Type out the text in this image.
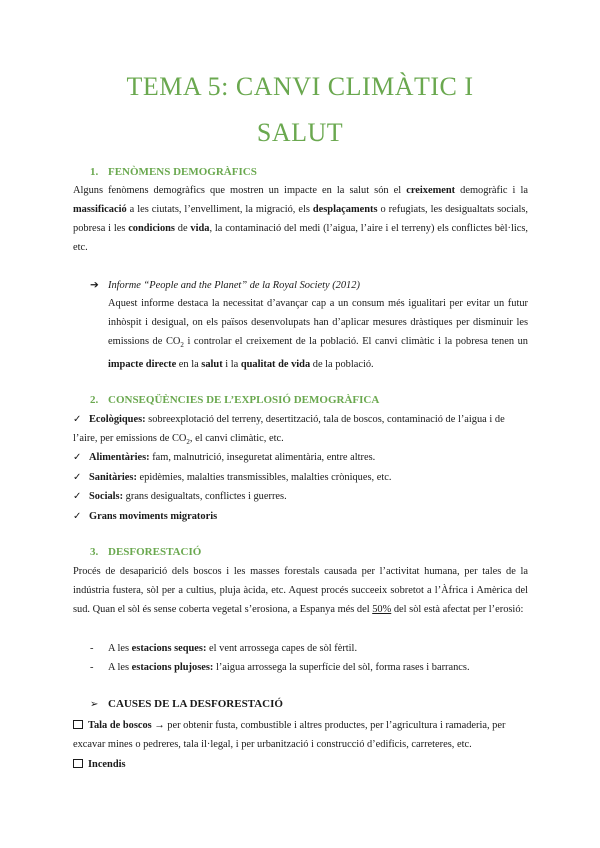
TEMA 5: CANVI CLIMÀTIC I
SALUT
1. FENÒMENS DEMOGRÀFICS
Alguns fenòmens demogràfics que mostren un impacte en la salut són el creixement demogràfic i la massificació a les ciutats, l’envelliment, la migració, els desplaçaments o refugiats, les desigualtats socials, pobresa i les condicions de vida, la contaminació del medi (l’aigua, l’aire i el terreny) els conflictes bèl·lics, etc.
➔ Informe “People and the Planet” de la Royal Society (2012)
Aquest informe destaca la necessitat d’avançar cap a un consum més igualitari per evitar un futur inhòspit i desigual, on els països desenvolupats han d’aplicar mesures dràstiques per disminuir les emissions de $CO_2$ i controlar el creixement de la població. El canvi climàtic i la pobresa tenen un impacte directe en la salut i la qualitat de vida de la població.
2. CONSEQÜÈNCIES DE L’EXPLOSIÓ DEMOGRÀFICA
✓ Ecològiques: sobreexplotació del terreny, desertització, tala de boscos, contaminació de l’aigua i de l’aire, per emissions de $CO_2$, el canvi climàtic, etc.
✓ Alimentàries: fam, malnutrició, inseguretat alimentària, entre altres.
✓ Sanitàries: epidèmies, malalties transmissibles, malalties cròniques, etc.
✓ Socials: grans desigualtats, conflictes i guerres.
✓ Grans moviments migratoris
3. DESFORESTACIÓ
Procés de desaparició dels boscos i les masses forestals causada per l’activitat humana, per tales de la indústria fustera, sòl per a cultius, pluja àcida, etc. Aquest procés succeeix sobretot a l’Àfrica i Amèrica del sud. Quan el sòl és sense coberta vegetal s’erosiona, a Espanya més del 50% del sòl està afectat per l’erosió:
- A les estacions seques: el vent arrossega capes de sòl fèrtil.
- A les estacions plujoses: l’aigua arrossega la superfície del sòl, forma rases i barrancs.
➢ CAUSES DE LA DESFORESTACIÓ
Tala de boscos → per obtenir fusta, combustible i altres productes, per l’agricultura i ramaderia, per excavar mines o pedreres, tala il·legal, i per urbanització i construcció d’edificis, carreteres, etc.
Incendis
